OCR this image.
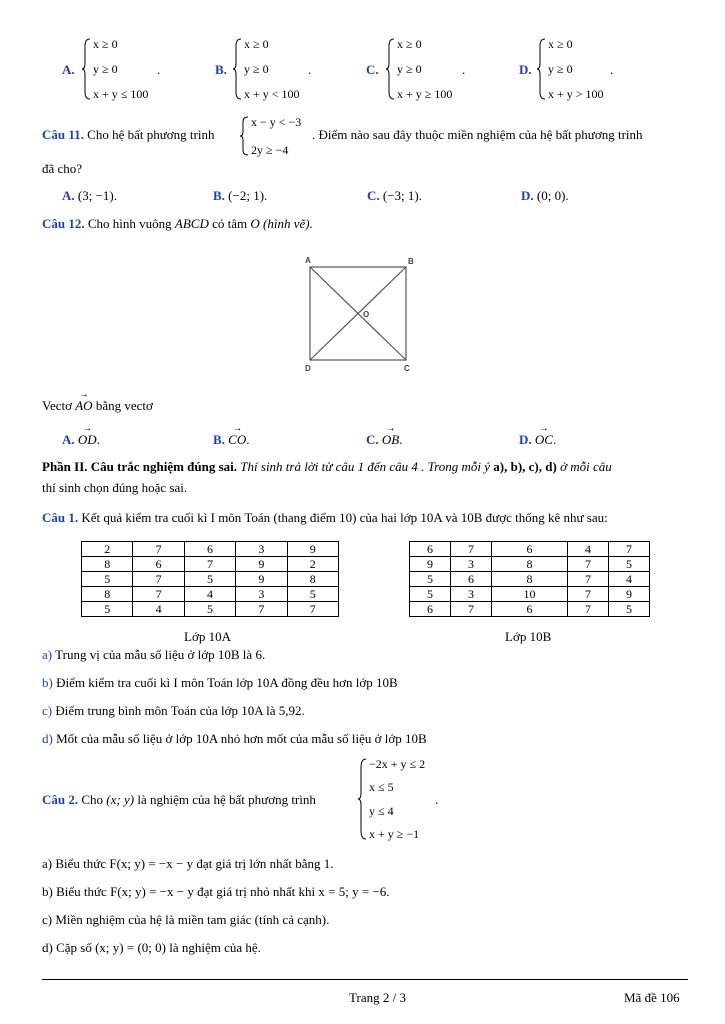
A.
x ≥ 0
y ≥ 0
x + y ≤ 100
.	B.
x ≥ 0
y ≥ 0
x + y < 100
.	C.
x ≥ 0
y ≥ 0
x + y ≥ 100
.	D.
x ≥ 0
y ≥ 0
x + y > 100
.
Câu 11. Cho hệ bất phương trình
x − y < −3
2y ≥ −4
. Điểm nào sau đây thuộc miền nghiệm của hệ bất phương trình
đã cho?
A. (3; −1).	B. (−2; 1).	C. (−3; 1).	D. (0; 0).
Câu 12. Cho hình vuông ABCD có tâm O (hình vẽ).
A	B
C
D
O
Vectơ → AO bằng vectơ
A. → OD.	B. → CO.	C. → OB.	D. → OC.
Phần II. Câu trắc nghiệm đúng sai. Thí sinh trả lời từ câu 1 đến câu 4 . Trong mỗi ý a), b), c), d) ở mỗi câu
thí sinh chọn đúng hoặc sai.
Câu 1. Kết quả kiểm tra cuối kì I môn Toán (thang điểm 10) của hai lớp 10A và 10B được thống kê như sau:
2	7	6	3	9
8	6	7	9	2
5	7	5	9	8
8	7	4	3	5
5	4	5	7	7
Lớp 10A
6	7	6	4	7
9	3	8	7	5
5	6	8	7	4
5	3	10	7	9
6	7	6	7	5
Lớp 10B
a) Trung vị của mẫu số liệu ở lớp 10B là 6.
b) Điểm kiểm tra cuối kì I môn Toán lớp 10A đồng đều hơn lớp 10B
c) Điểm trung bình môn Toán của lớp 10A là 5,92.
d) Mốt của mẫu số liệu ở lớp 10A nhỏ hơn mốt của mẫu số liệu ở lớp 10B
Câu 2. Cho (x; y) là nghiệm của hệ bất phương trình
−2x + y ≤ 2
x ≤ 5
y ≤ 4
x + y ≥ −1
.
a) Biểu thức F(x; y) = −x − y đạt giá trị lớn nhất bằng 1.
b) Biểu thức F(x; y) = −x − y đạt giá trị nhỏ nhất khi x = 5; y = −6.
c) Miền nghiệm của hệ là miền tam giác (tính cả cạnh).
d) Cặp số (x; y) = (0; 0) là nghiệm của hệ.
Trang 2 / 3	Mã đề 106
